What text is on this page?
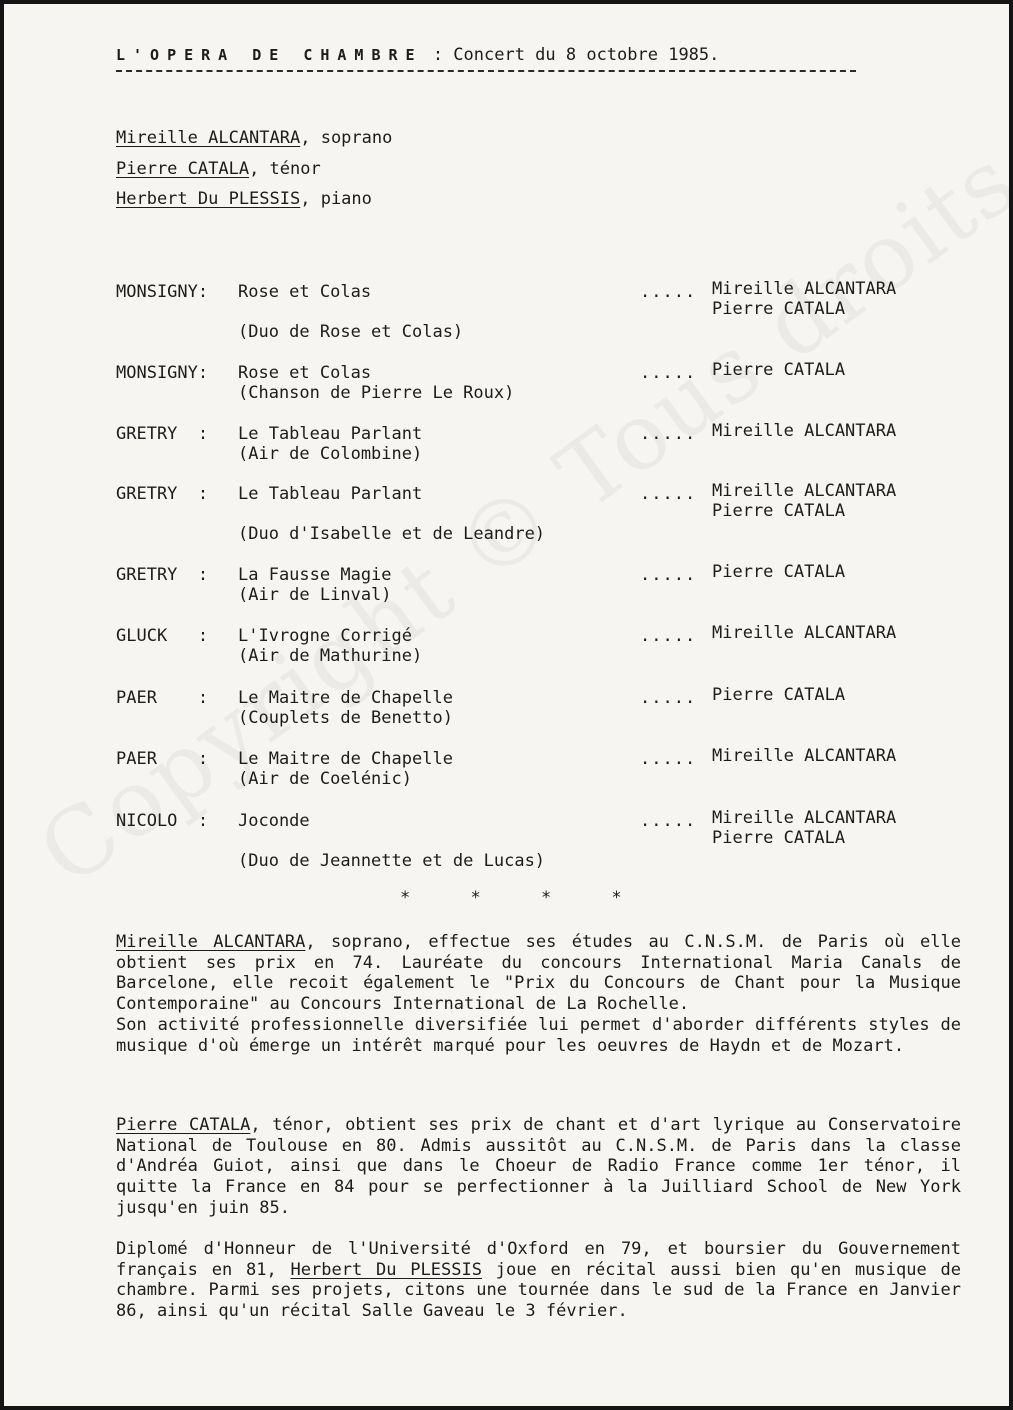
L'OPERA DE CHAMBRE : Concert du 8 octobre 1985.
Mireille ALCANTARA, soprano
Pierre CATALA, ténor
Herbert Du PLESSIS, piano
MONSIGNY: Rose et Colas
(Duo de Rose et Colas)
..... Mireille ALCANTARA
Pierre CATALA
MONSIGNY: Rose et Colas
(Chanson de Pierre Le Roux)
..... Pierre CATALA
GRETRY  : Le Tableau Parlant
(Air de Colombine)
..... Mireille ALCANTARA
GRETRY  : Le Tableau Parlant
(Duo d'Isabelle et de Leandre)
..... Mireille ALCANTARA
Pierre CATALA
GRETRY  : La Fausse Magie
(Air de Linval)
..... Pierre CATALA
GLUCK   : L'Ivrogne Corrigé
(Air de Mathurine)
..... Mireille ALCANTARA
PAER    : Le Maitre de Chapelle
(Couplets de Benetto)
..... Pierre CATALA
PAER    : Le Maitre de Chapelle
(Air de Coelénic)
..... Mireille ALCANTARA
NICOLO  : Joconde
(Duo de Jeannette et de Lucas)
..... Mireille ALCANTARA
Pierre CATALA
* * * *

Mireille ALCANTARA, soprano, effectue ses études au C.N.S.M. de Paris où elle obtient ses prix en 74. Lauréate du concours International Maria Canals de Barcelone, elle recoit également le "Prix du Concours de Chant pour la Musique Contemporaine" au Concours International de La Rochelle.

Son activité professionnelle diversifiée lui permet d'aborder différents styles de musique d'où émerge un intérêt marqué pour les oeuvres de Haydn et de Mozart.

Pierre CATALA, ténor, obtient ses prix de chant et d'art lyrique au Conservatoire National de Toulouse en 80. Admis aussitôt au C.N.S.M. de Paris dans la classe d'Andréa Guiot, ainsi que dans le Choeur de Radio France comme 1er ténor, il quitte la France en 84 pour se perfectionner à la Juilliard School de New York jusqu'en juin 85.

Diplomé d'Honneur de l'Université d'Oxford en 79, et boursier du Gouvernement français en 81, Herbert Du PLESSIS joue en récital aussi bien qu'en musique de chambre. Parmi ses projets, citons une tournée dans le sud de la France en Janvier 86, ainsi qu'un récital Salle Gaveau le 3 février.
